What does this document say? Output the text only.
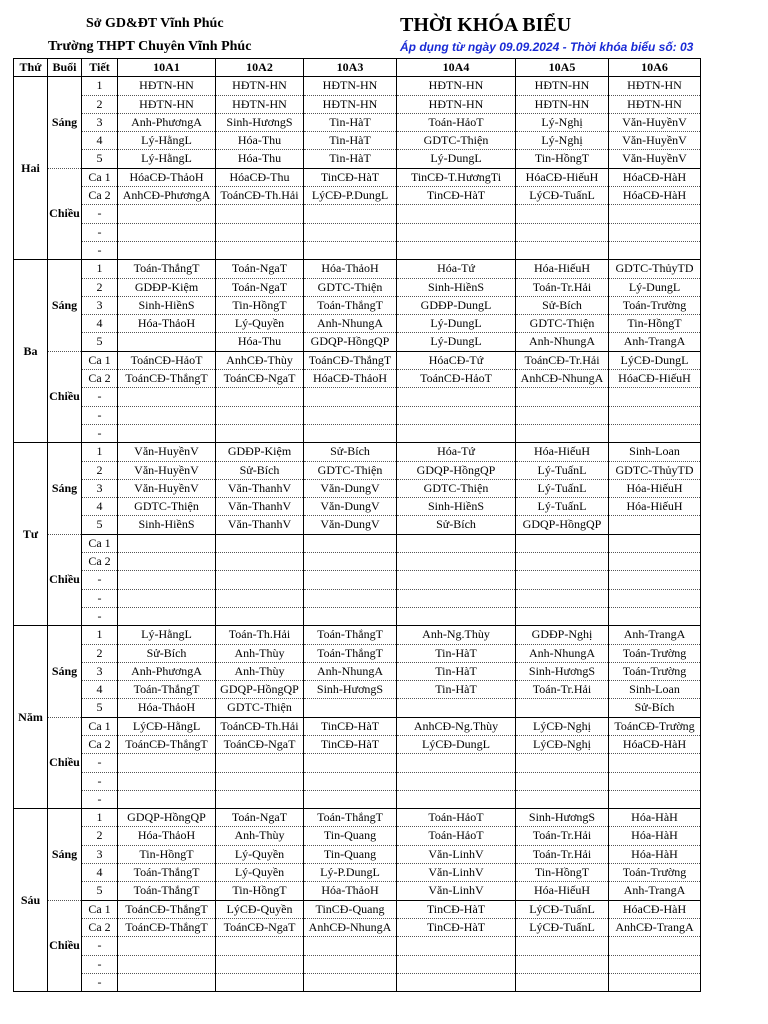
Sở GD&ĐT Vĩnh Phúc
Trường THPT Chuyên Vĩnh Phúc
THỜI KHÓA BIỂU
Áp dụng từ ngày 09.09.2024 - Thời khóa biểu số: 03
Thứ	Buổi	Tiết	10A1	10A2	10A3	10A4	10A5	10A6
Hai	Sáng	1	HĐTN-HN	HĐTN-HN	HĐTN-HN	HĐTN-HN	HĐTN-HN	HĐTN-HN
		2	HĐTN-HN	HĐTN-HN	HĐTN-HN	HĐTN-HN	HĐTN-HN	HĐTN-HN
		3	Anh-PhươngA	Sinh-HươngS	Tin-HàT	Toán-HảoT	Lý-Nghị	Văn-HuyềnV
		4	Lý-HằngL	Hóa-Thu	Tin-HàT	GDTC-Thiện	Lý-Nghị	Văn-HuyềnV
		5	Lý-HằngL	Hóa-Thu	Tin-HàT	Lý-DungL	Tin-HồngT	Văn-HuyềnV
	Chiều	Ca 1	HóaCĐ-ThảoH	HóaCĐ-Thu	TinCĐ-HàT	TinCĐ-T.HươngTi	HóaCĐ-HiếuH	HóaCĐ-HàH
		Ca 2	AnhCĐ-PhươngA	ToánCĐ-Th.Hải	LýCĐ-P.DungL	TinCĐ-HàT	LýCĐ-TuấnL	HóaCĐ-HàH
		-						
		-						
		-						
Ba	Sáng	1	Toán-ThắngT	Toán-NgaT	Hóa-ThảoH	Hóa-Tứ	Hóa-HiếuH	GDTC-ThủyTD
		2	GDĐP-Kiệm	Toán-NgaT	GDTC-Thiện	Sinh-HiềnS	Toán-Tr.Hải	Lý-DungL
		3	Sinh-HiềnS	Tin-HồngT	Toán-ThắngT	GDĐP-DungL	Sử-Bích	Toán-Trường
		4	Hóa-ThảoH	Lý-Quyền	Anh-NhungA	Lý-DungL	GDTC-Thiện	Tin-HồngT
		5		Hóa-Thu	GDQP-HồngQP	Lý-DungL	Anh-NhungA	Anh-TrangA
	Chiều	Ca 1	ToánCĐ-HảoT	AnhCĐ-Thùy	ToánCĐ-ThắngT	HóaCĐ-Tứ	ToánCĐ-Tr.Hải	LýCĐ-DungL
		Ca 2	ToánCĐ-ThắngT	ToánCĐ-NgaT	HóaCĐ-ThảoH	ToánCĐ-HảoT	AnhCĐ-NhungA	HóaCĐ-HiếuH
		-						
		-						
		-						
Tư	Sáng	1	Văn-HuyềnV	GDĐP-Kiệm	Sử-Bích	Hóa-Tứ	Hóa-HiếuH	Sinh-Loan
		2	Văn-HuyềnV	Sử-Bích	GDTC-Thiện	GDQP-HồngQP	Lý-TuấnL	GDTC-ThủyTD
		3	Văn-HuyềnV	Văn-ThanhV	Văn-DungV	GDTC-Thiện	Lý-TuấnL	Hóa-HiếuH
		4	GDTC-Thiện	Văn-ThanhV	Văn-DungV	Sinh-HiềnS	Lý-TuấnL	Hóa-HiếuH
		5	Sinh-HiềnS	Văn-ThanhV	Văn-DungV	Sử-Bích	GDQP-HồngQP	
	Chiều	Ca 1						
		Ca 2						
		-						
		-						
		-						
Năm	Sáng	1	Lý-HằngL	Toán-Th.Hải	Toán-ThắngT	Anh-Ng.Thùy	GDĐP-Nghị	Anh-TrangA
		2	Sử-Bích	Anh-Thùy	Toán-ThắngT	Tin-HàT	Anh-NhungA	Toán-Trường
		3	Anh-PhươngA	Anh-Thùy	Anh-NhungA	Tin-HàT	Sinh-HươngS	Toán-Trường
		4	Toán-ThắngT	GDQP-HồngQP	Sinh-HươngS	Tin-HàT	Toán-Tr.Hải	Sinh-Loan
		5	Hóa-ThảoH	GDTC-Thiện				Sử-Bích
	Chiều	Ca 1	LýCĐ-HằngL	ToánCĐ-Th.Hải	TinCĐ-HàT	AnhCĐ-Ng.Thùy	LýCĐ-Nghị	ToánCĐ-Trường
		Ca 2	ToánCĐ-ThắngT	ToánCĐ-NgaT	TinCĐ-HàT	LýCĐ-DungL	LýCĐ-Nghị	HóaCĐ-HàH
		-						
		-						
		-						
Sáu	Sáng	1	GDQP-HồngQP	Toán-NgaT	Toán-ThắngT	Toán-HảoT	Sinh-HươngS	Hóa-HàH
		2	Hóa-ThảoH	Anh-Thùy	Tin-Quang	Toán-HảoT	Toán-Tr.Hải	Hóa-HàH
		3	Tin-HồngT	Lý-Quyền	Tin-Quang	Văn-LinhV	Toán-Tr.Hải	Hóa-HàH
		4	Toán-ThắngT	Lý-Quyền	Lý-P.DungL	Văn-LinhV	Tin-HồngT	Toán-Trường
		5	Toán-ThắngT	Tin-HồngT	Hóa-ThảoH	Văn-LinhV	Hóa-HiếuH	Anh-TrangA
	Chiều	Ca 1	ToánCĐ-ThắngT	LýCĐ-Quyền	TinCĐ-Quang	TinCĐ-HàT	LýCĐ-TuấnL	HóaCĐ-HàH
		Ca 2	ToánCĐ-ThắngT	ToánCĐ-NgaT	AnhCĐ-NhungA	TinCĐ-HàT	LýCĐ-TuấnL	AnhCĐ-TrangA
		-						
		-						
		-						
